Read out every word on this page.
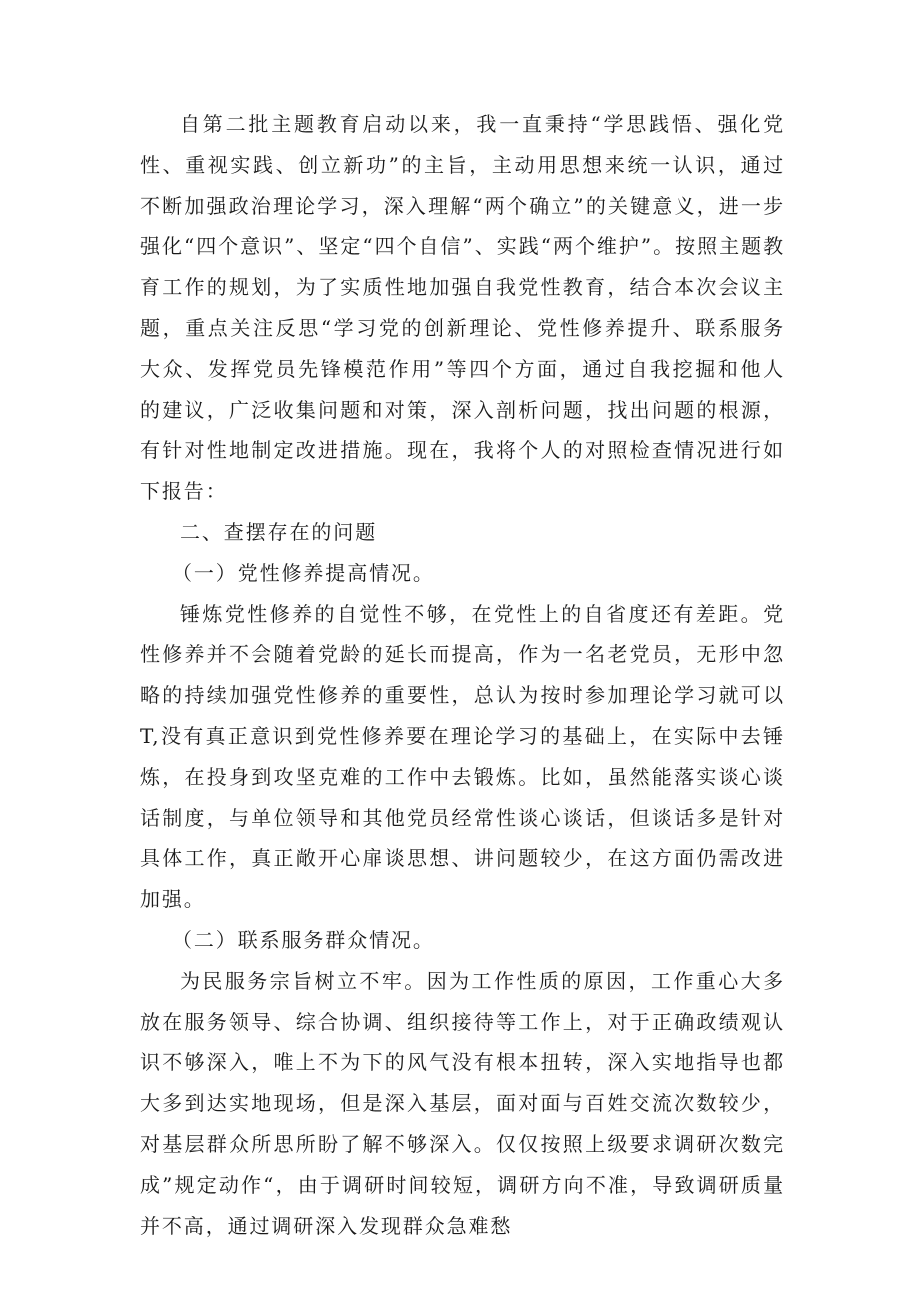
自第二批主题教育启动以来，我一直秉持“学思践悟、强化党性、重视实践、创立新功”的主旨，主动用思想来统一认识，通过不断加强政治理论学习，深入理解“两个确立”的关键意义，进一步强化“四个意识”、坚定“四个自信”、实践“两个维护”。按照主题教育工作的规划，为了实质性地加强自我党性教育，结合本次会议主题，重点关注反思“学习党的创新理论、党性修养提升、联系服务大众、发挥党员先锋模范作用”等四个方面，通过自我挖掘和他人的建议，广泛收集问题和对策，深入剖析问题，找出问题的根源，有针对性地制定改进措施。现在，我将个人的对照检查情况进行如下报告：

二、查摆存在的问题

（一）党性修养提高情况。

锤炼党性修养的自觉性不够，在党性上的自省度还有差距。党性修养并不会随着党龄的延长而提高，作为一名老党员，无形中忽略的持续加强党性修养的重要性，总认为按时参加理论学习就可以T,没有真正意识到党性修养要在理论学习的基础上，在实际中去锤炼，在投身到攻坚克难的工作中去锻炼。比如，虽然能落实谈心谈话制度，与单位领导和其他党员经常性谈心谈话，但谈话多是针对具体工作，真正敞开心扉谈思想、讲问题较少，在这方面仍需改进加强。

（二）联系服务群众情况。

为民服务宗旨树立不牢。因为工作性质的原因，工作重心大多放在服务领导、综合协调、组织接待等工作上，对于正确政绩观认识不够深入，唯上不为下的风气没有根本扭转，深入实地指导也都大多到达实地现场，但是深入基层，面对面与百姓交流次数较少，对基层群众所思所盼了解不够深入。仅仅按照上级要求调研次数完成”规定动作“，由于调研时间较短，调研方向不准，导致调研质量并不高，通过调研深入发现群众急难愁
